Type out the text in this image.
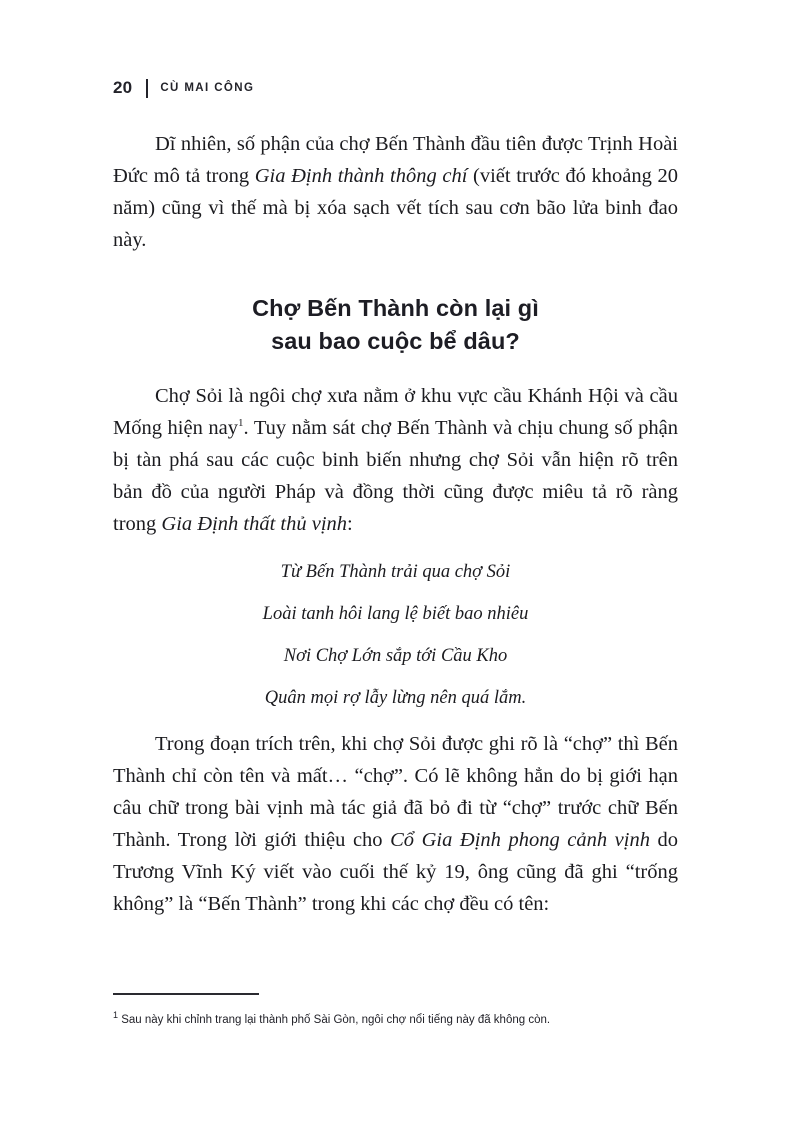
20 CÙ MAI CÔNG

Dĩ nhiên, số phận của chợ Bến Thành đầu tiên được Trịnh Hoài Đức mô tả trong Gia Định thành thông chí (viết trước đó khoảng 20 năm) cũng vì thế mà bị xóa sạch vết tích sau cơn bão lửa binh đao này.

Chợ Bến Thành còn lại gì
sau bao cuộc bể dâu?

Chợ Sỏi là ngôi chợ xưa nằm ở khu vực cầu Khánh Hội và cầu Mống hiện nay$^1$. Tuy nằm sát chợ Bến Thành và chịu chung số phận bị tàn phá sau các cuộc binh biến nhưng chợ Sỏi vẫn hiện rõ trên bản đồ của người Pháp và đồng thời cũng được miêu tả rõ ràng trong Gia Định thất thủ vịnh:

Từ Bến Thành trải qua chợ Sỏi
Loài tanh hôi lang lệ biết bao nhiêu
Nơi Chợ Lớn sắp tới Cầu Kho
Quân mọi rợ lẫy lừng nên quá lắm.

Trong đoạn trích trên, khi chợ Sỏi được ghi rõ là “chợ” thì Bến Thành chỉ còn tên và mất… “chợ”. Có lẽ không hẳn do bị giới hạn câu chữ trong bài vịnh mà tác giả đã bỏ đi từ “chợ” trước chữ Bến Thành. Trong lời giới thiệu cho Cổ Gia Định phong cảnh vịnh do Trương Vĩnh Ký viết vào cuối thế kỷ 19, ông cũng đã ghi “trống không” là “Bến Thành” trong khi các chợ đều có tên:

$^1$ Sau này khi chỉnh trang lại thành phố Sài Gòn, ngôi chợ nổi tiếng này đã không còn.
